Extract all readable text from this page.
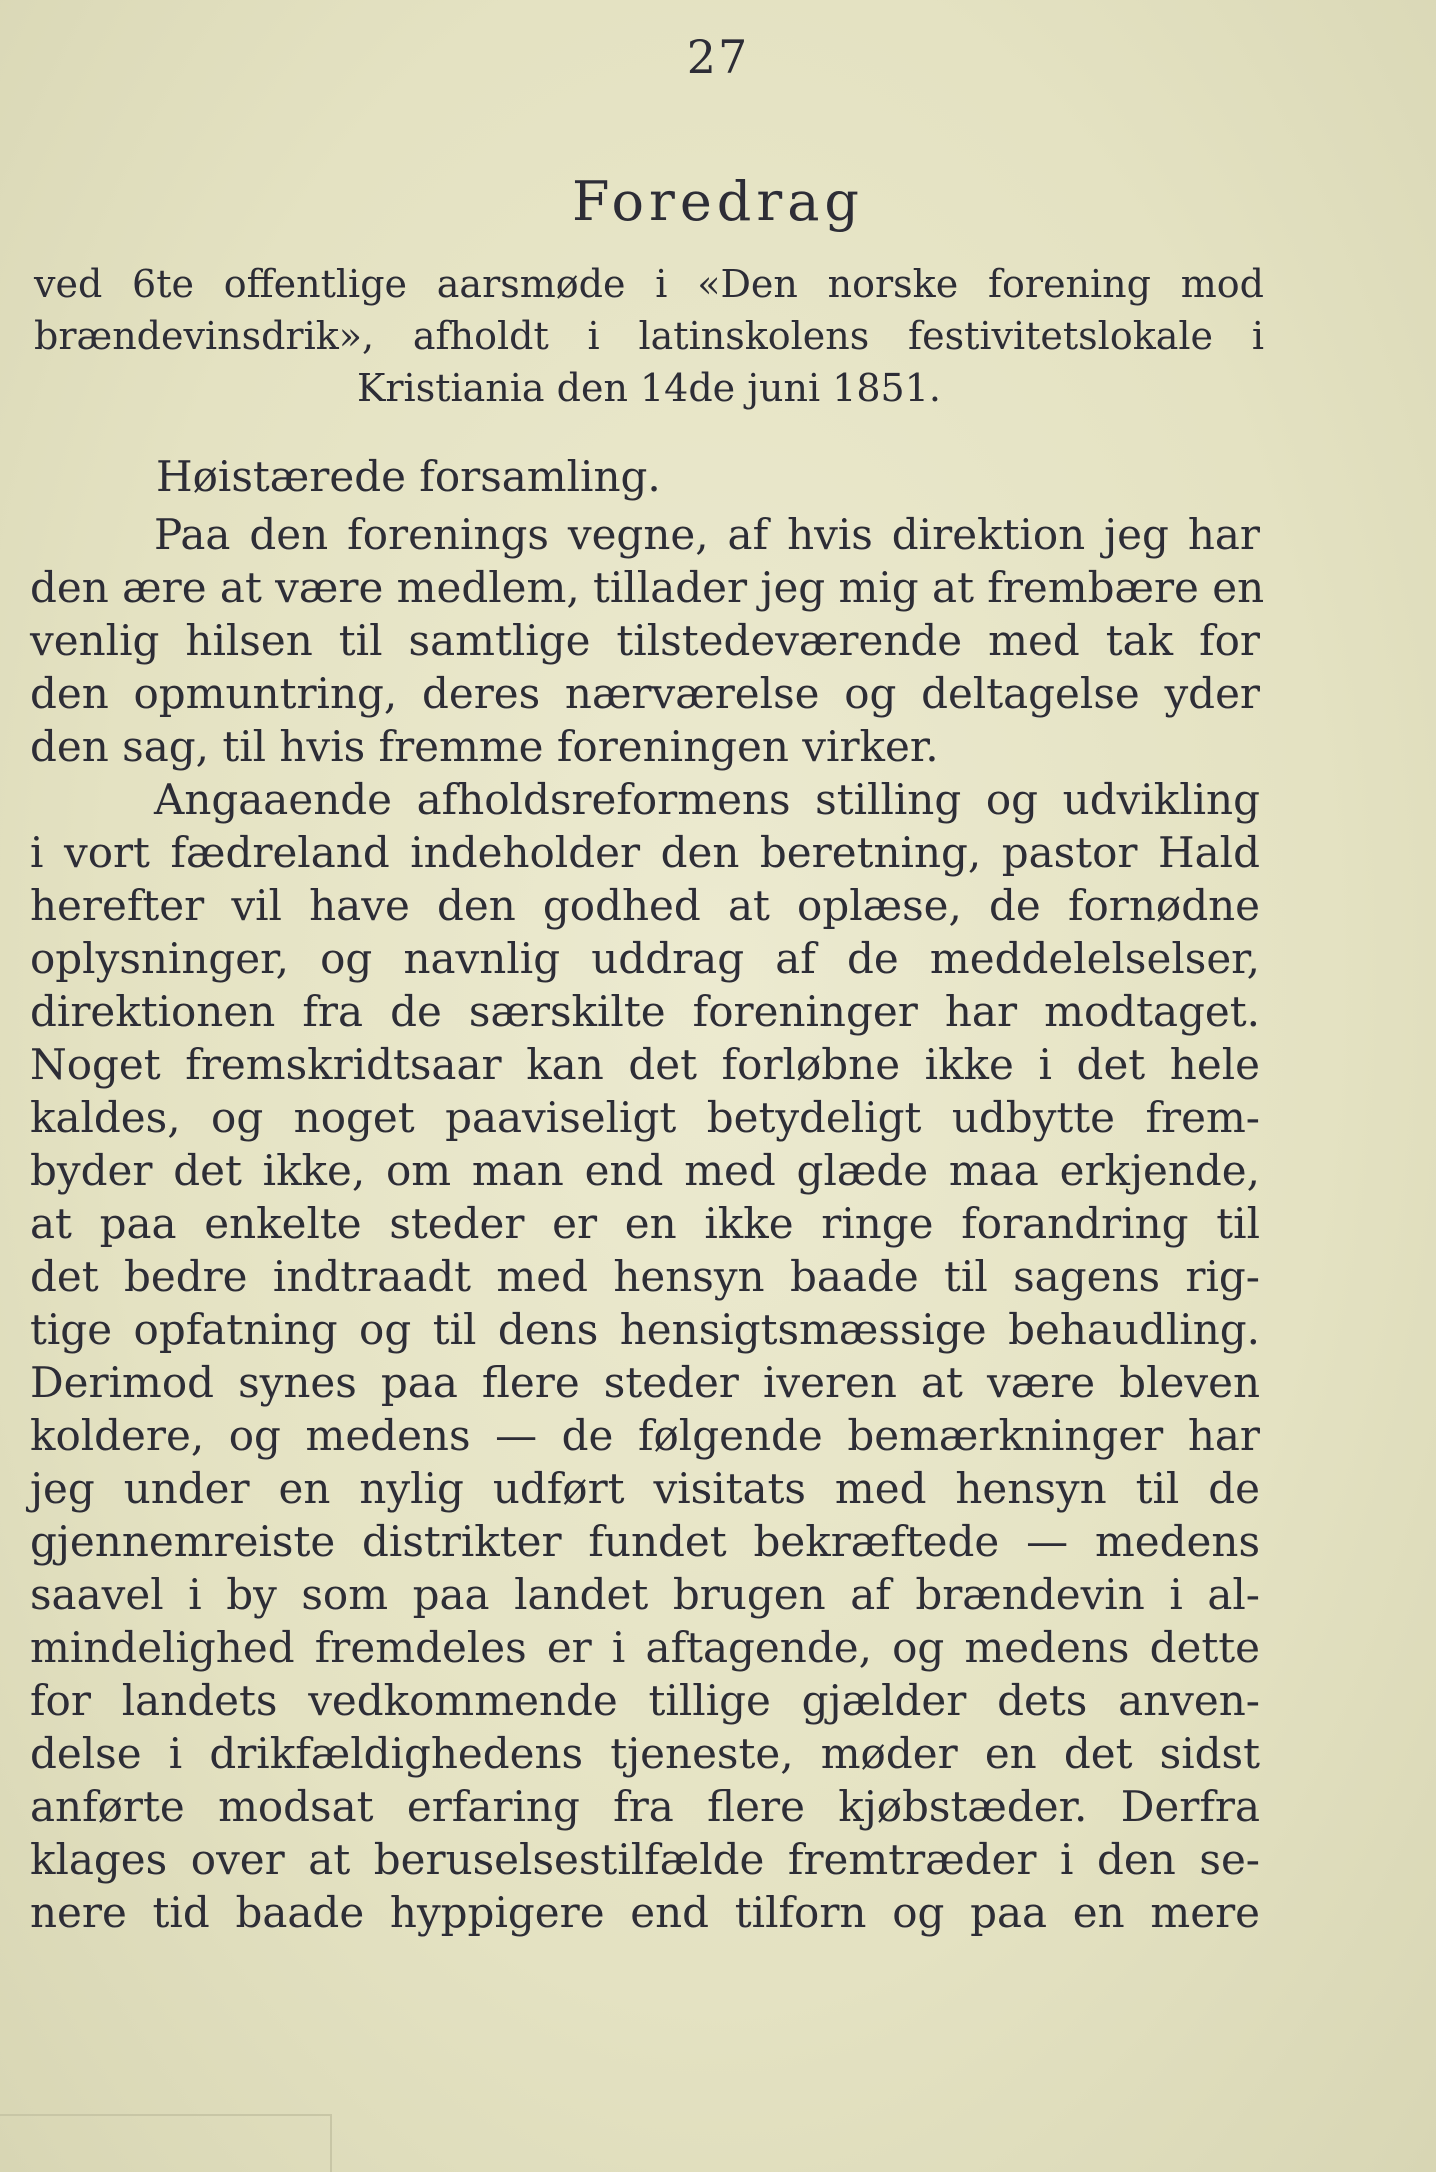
27
Foredrag
ved 6te offentlige aarsmøde i «Den norske forening mod
brændevinsdrik», afholdt i latinskolens festivitetslokale i
Kristiania den 14de juni 1851.
Høistærede forsamling.
Paa den forenings vegne, af hvis direktion jeg har
den ære at være medlem, tillader jeg mig at frembære en
venlig hilsen til samtlige tilstedeværende med tak for
den opmuntring, deres nærværelse og deltagelse yder
den sag, til hvis fremme foreningen virker.
Angaaende afholdsreformens stilling og udvikling
i vort fædreland indeholder den beretning, pastor Hald
herefter vil have den godhed at oplæse, de fornødne
oplysninger, og navnlig uddrag af de meddelelselser,
direktionen fra de særskilte foreninger har modtaget.
Noget fremskridtsaar kan det forløbne ikke i det hele
kaldes, og noget paaviseligt betydeligt udbytte frem-
byder det ikke, om man end med glæde maa erkjende,
at paa enkelte steder er en ikke ringe forandring til
det bedre indtraadt med hensyn baade til sagens rig-
tige opfatning og til dens hensigtsmæssige behaudling.
Derimod synes paa flere steder iveren at være bleven
koldere, og medens — de følgende bemærkninger har
jeg under en nylig udført visitats med hensyn til de
gjennemreiste distrikter fundet bekræftede — medens
saavel i by som paa landet brugen af brændevin i al-
mindelighed fremdeles er i aftagende, og medens dette
for landets vedkommende tillige gjælder dets anven-
delse i drikfældighedens tjeneste, møder en det sidst
anførte modsat erfaring fra flere kjøbstæder. Derfra
klages over at beruselsestilfælde fremtræder i den se-
nere tid baade hyppigere end tilforn og paa en mere
